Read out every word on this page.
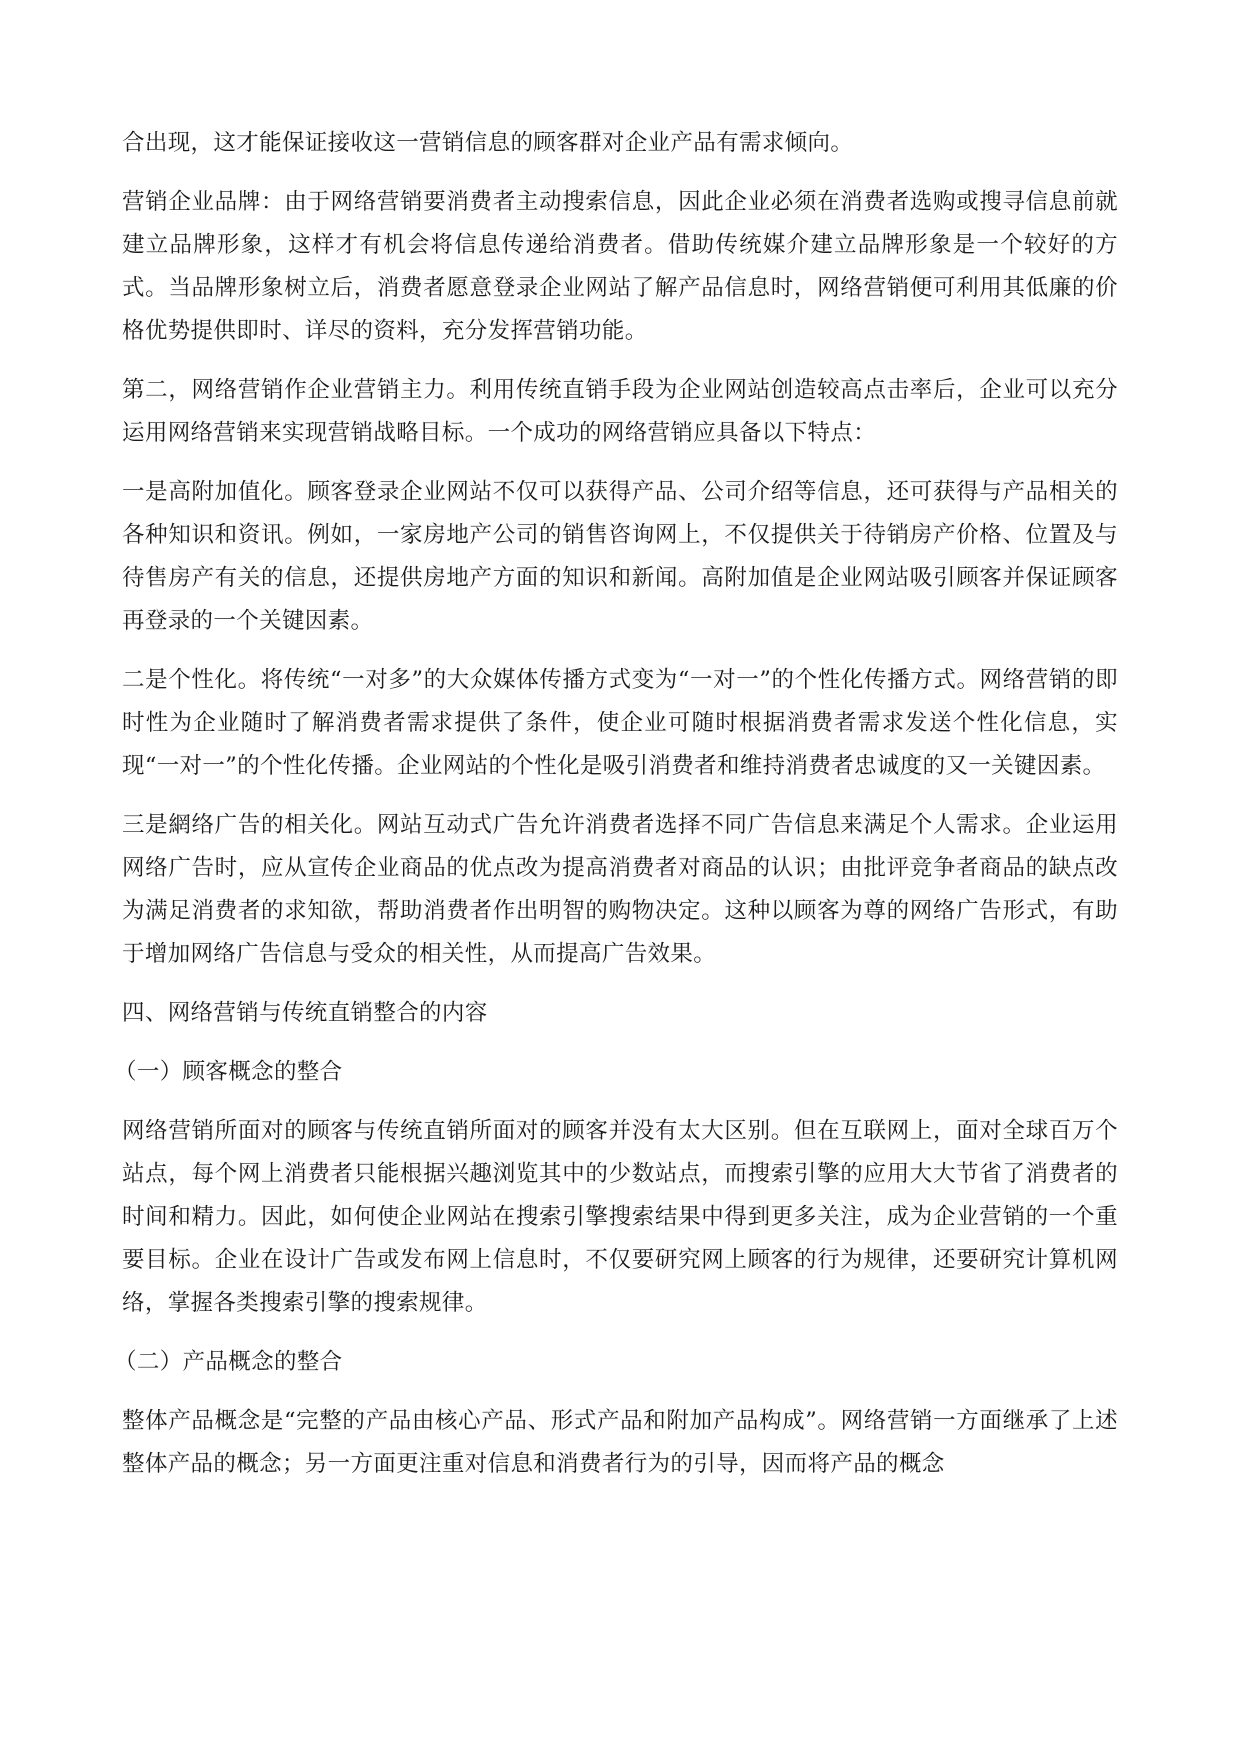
合出现，这才能保证接收这一营销信息的顾客群对企业产品有需求倾向。

营销企业品牌：由于网络营销要消费者主动搜索信息，因此企业必须在消费者选购或搜寻信息前就建立品牌形象，这样才有机会将信息传递给消费者。借助传统媒介建立品牌形象是一个较好的方式。当品牌形象树立后，消费者愿意登录企业网站了解产品信息时，网络营销便可利用其低廉的价格优势提供即时、详尽的资料，充分发挥营销功能。

第二，网络营销作企业营销主力。利用传统直销手段为企业网站创造较高点击率后，企业可以充分运用网络营销来实现营销战略目标。一个成功的网络营销应具备以下特点：

一是高附加值化。顾客登录企业网站不仅可以获得产品、公司介绍等信息，还可获得与产品相关的各种知识和资讯。例如，一家房地产公司的销售咨询网上，不仅提供关于待销房产价格、位置及与待售房产有关的信息，还提供房地产方面的知识和新闻。高附加值是企业网站吸引顾客并保证顾客再登录的一个关键因素。

二是个性化。将传统“一对多”的大众媒体传播方式变为“一对一”的个性化传播方式。网络营销的即时性为企业随时了解消费者需求提供了条件，使企业可随时根据消费者需求发送个性化信息，实现“一对一”的个性化传播。企业网站的个性化是吸引消费者和维持消费者忠诚度的又一关键因素。

三是網络广告的相关化。网站互动式广告允许消费者选择不同广告信息来满足个人需求。企业运用网络广告时，应从宣传企业商品的优点改为提高消费者对商品的认识；由批评竞争者商品的缺点改为满足消费者的求知欲，帮助消费者作出明智的购物决定。这种以顾客为尊的网络广告形式，有助于增加网络广告信息与受众的相关性，从而提高广告效果。

四、网络营销与传统直销整合的内容

（一）顾客概念的整合

网络营销所面对的顾客与传统直销所面对的顾客并没有太大区别。但在互联网上，面对全球百万个站点，每个网上消费者只能根据兴趣浏览其中的少数站点，而搜索引擎的应用大大节省了消费者的时间和精力。因此，如何使企业网站在搜索引擎搜索结果中得到更多关注，成为企业营销的一个重要目标。企业在设计广告或发布网上信息时，不仅要研究网上顾客的行为规律，还要研究计算机网络，掌握各类搜索引擎的搜索规律。

（二）产品概念的整合

整体产品概念是“完整的产品由核心产品、形式产品和附加产品构成”。网络营销一方面继承了上述整体产品的概念；另一方面更注重对信息和消费者行为的引导，因而将产品的概念
